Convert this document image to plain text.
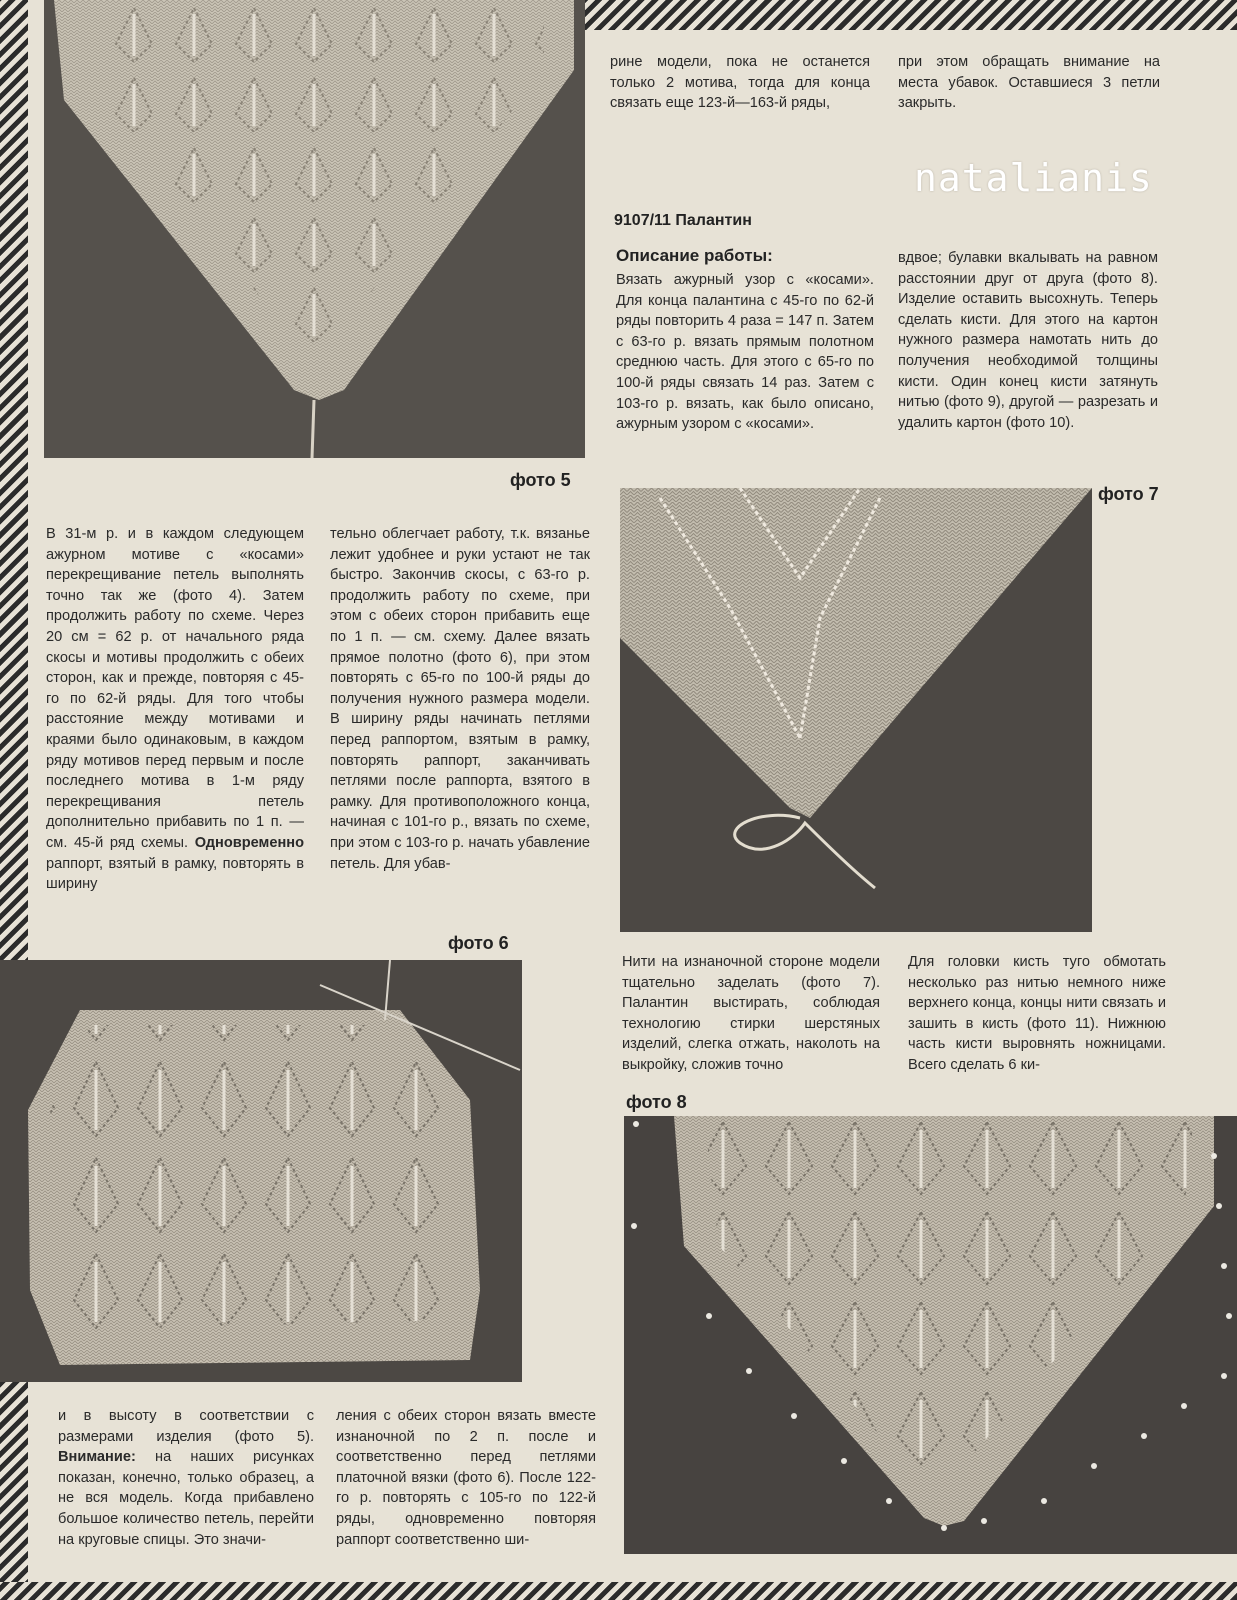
фото 5
рине модели, пока не останется только 2 мотива, тогда для конца связать еще 123-й—163-й ряды,
при этом обращать внимание на места убавок. Оставшиеся 3 петли закрыть.
natalianis
9107/11 Палантин
Описание работы:
Вязать ажурный узор с «косами». Для конца палантина с 45-го по 62-й ряды повторить 4 раза = 147 п. Затем с 63-го р. вязать прямым полотном среднюю часть. Для этого с 65-го по 100-й ряды связать 14 раз. Затем с 103-го р. вязать, как было описано, ажурным узором с «косами».
вдвое; булавки вкалывать на равном расстоянии друг от друга (фото 8). Изделие оставить высохнуть. Теперь сделать кисти. Для этого на картон нужного размера намотать нить до получения необходимой толщины кисти. Один конец кисти затянуть нитью (фото 9), другой — разрезать и удалить картон (фото 10).
фото 7
В 31-м р. и в каждом следующем ажурном мотиве с «косами» перекрещивание петель выполнять точно так же (фото 4). Затем продолжить работу по схеме. Через 20 см = 62 р. от начального ряда скосы и мотивы продолжить с обеих сторон, как и прежде, повторяя с 45-го по 62-й ряды. Для того чтобы расстояние между мотивами и краями было одинаковым, в каждом ряду мотивов перед первым и после последнего мотива в 1-м ряду перекрещивания петель дополнительно прибавить по 1 п. — см. 45-й ряд схемы. Одновременно раппорт, взятый в рамку, повторять в ширину
тельно облегчает работу, т.к. вязанье лежит удобнее и руки устают не так быстро. Закончив скосы, с 63-го р. продолжить работу по схеме, при этом с обеих сторон прибавить еще по 1 п. — см. схему. Далее вязать прямое полотно (фото 6), при этом повторять с 65-го по 100-й ряды до получения нужного размера модели. В ширину ряды начинать петлями перед раппортом, взятым в рамку, повторять раппорт, заканчивать петлями после раппорта, взятого в рамку. Для противоположного конца, начиная с 101-го р., вязать по схеме, при этом с 103-го р. начать убавление петель. Для убав-
фото 6
Нити на изнаночной стороне модели тщательно заделать (фото 7). Палантин выстирать, соблюдая технологию стирки шерстяных изделий, слегка отжать, наколоть на выкройку, сложив точно
Для головки кисть туго обмотать несколько раз нитью немного ниже верхнего конца, концы нити связать и зашить в кисть (фото 11). Нижнюю часть кисти выровнять ножницами. Всего сделать 6 ки-
фото 8
и в высоту в соответствии с размерами изделия (фото 5). Внимание: на наших рисунках показан, конечно, только образец, а не вся модель. Когда прибавлено большое количество петель, перейти на круговые спицы. Это значи-
ления с обеих сторон вязать вместе изнаночной по 2 п. после и соответственно перед петлями платочной вязки (фото 6). После 122-го р. повторять с 105-го по 122-й ряды, одновременно повторяя раппорт соответственно ши-
